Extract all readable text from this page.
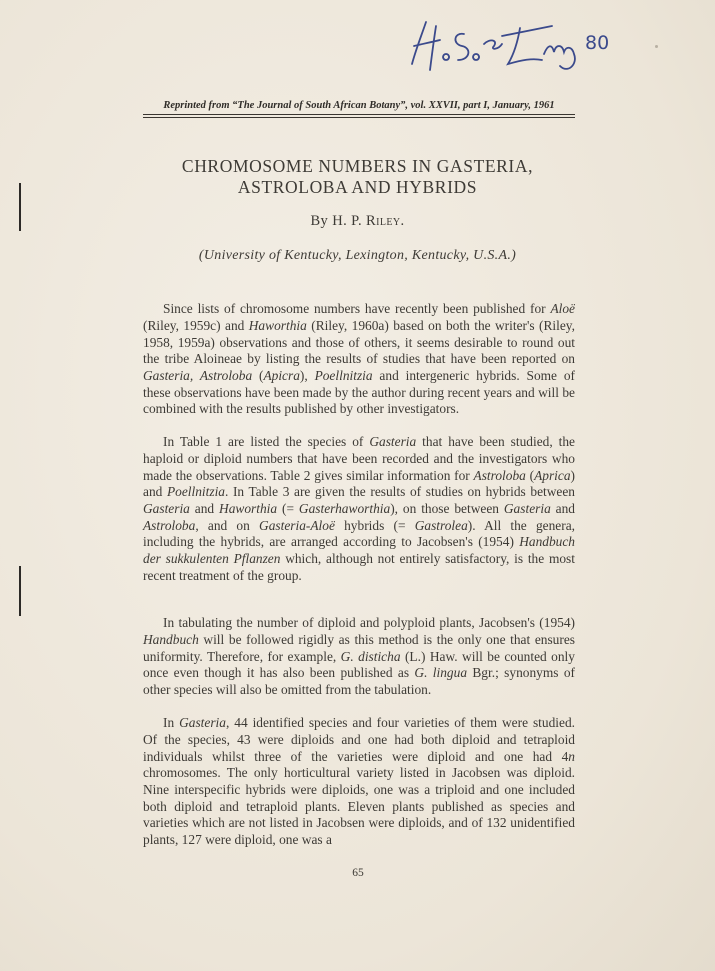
80
Reprinted from “The Journal of South African Botany”, vol. XXVII, part I, January, 1961
CHROMOSOME NUMBERS IN GASTERIA,
ASTROLOBA AND HYBRIDS
By H. P. Riley.
(University of Kentucky, Lexington, Kentucky, U.S.A.)

Since lists of chromosome numbers have recently been published for Aloë (Riley, 1959c) and Haworthia (Riley, 1960a) based on both the writer's (Riley, 1958, 1959a) observations and those of others, it seems desirable to round out the tribe Aloineae by listing the results of studies that have been reported on Gasteria, Astroloba (Apicra), Poellnitzia and intergeneric hybrids. Some of these observations have been made by the author during recent years and will be combined with the results published by other investigators.

In Table 1 are listed the species of Gasteria that have been studied, the haploid or diploid numbers that have been recorded and the investigators who made the observations. Table 2 gives similar information for Astroloba (Aprica) and Poellnitzia. In Table 3 are given the results of studies on hybrids between Gasteria and Haworthia (= Gasterhaworthia), on those between Gasteria and Astroloba, and on Gasteria-Aloë hybrids (= Gastrolea). All the genera, including the hybrids, are arranged according to Jacobsen's (1954) Handbuch der sukkulenten Pflanzen which, although not entirely satisfactory, is the most recent treatment of the group.

In tabulating the number of diploid and polyploid plants, Jacobsen's (1954) Handbuch will be followed rigidly as this method is the only one that ensures uniformity. Therefore, for example, G. disticha (L.) Haw. will be counted only once even though it has also been published as G. lingua Bgr.; synonyms of other species will also be omitted from the tabulation.

In Gasteria, 44 identified species and four varieties of them were studied. Of the species, 43 were diploids and one had both diploid and tetraploid individuals whilst three of the varieties were diploid and one had 4n chromosomes. The only horticultural variety listed in Jacobsen was diploid. Nine interspecific hybrids were diploids, one was a triploid and one included both diploid and tetraploid plants. Eleven plants published as species and varieties which are not listed in Jacobsen were diploids, and of 132 unidentified plants, 127 were diploid, one was a

65
